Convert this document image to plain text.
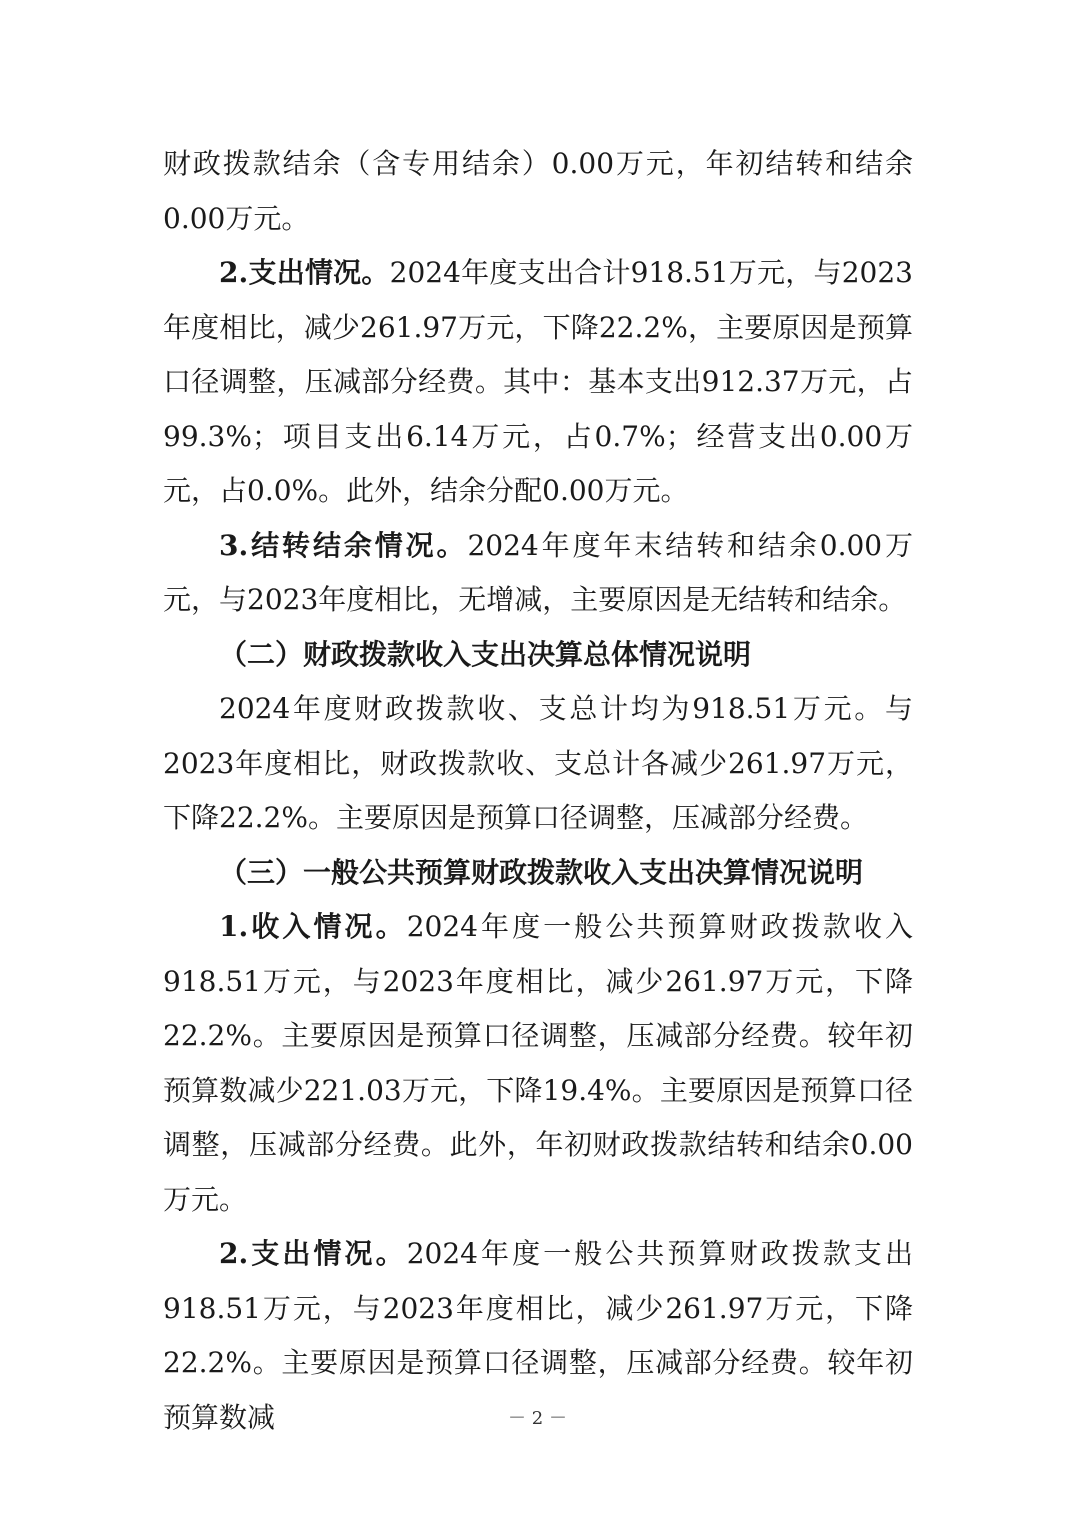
财政拨款结余（含专用结余）0.00万元，年初结转和结余0.00万元。

2.支出情况。2024年度支出合计918.51万元，与2023年度相比，减少261.97万元，下降22.2%，主要原因是预算口径调整，压减部分经费。其中：基本支出912.37万元，占99.3%；项目支出6.14万元，占0.7%；经营支出0.00万元，占0.0%。此外，结余分配0.00万元。

3.结转结余情况。2024年度年末结转和结余0.00万元，与2023年度相比，无增减，主要原因是无结转和结余。

（二）财政拨款收入支出决算总体情况说明

2024年度财政拨款收、支总计均为918.51万元。与2023年度相比，财政拨款收、支总计各减少261.97万元，下降22.2%。主要原因是预算口径调整，压减部分经费。

（三）一般公共预算财政拨款收入支出决算情况说明

1.收入情况。2024年度一般公共预算财政拨款收入918.51万元，与2023年度相比，减少261.97万元，下降22.2%。主要原因是预算口径调整，压减部分经费。较年初预算数减少221.03万元，下降19.4%。主要原因是预算口径调整，压减部分经费。此外，年初财政拨款结转和结余0.00万元。

2.支出情况。2024年度一般公共预算财政拨款支出918.51万元，与2023年度相比，减少261.97万元，下降22.2%。主要原因是预算口径调整，压减部分经费。较年初预算数减	－ 2 －
